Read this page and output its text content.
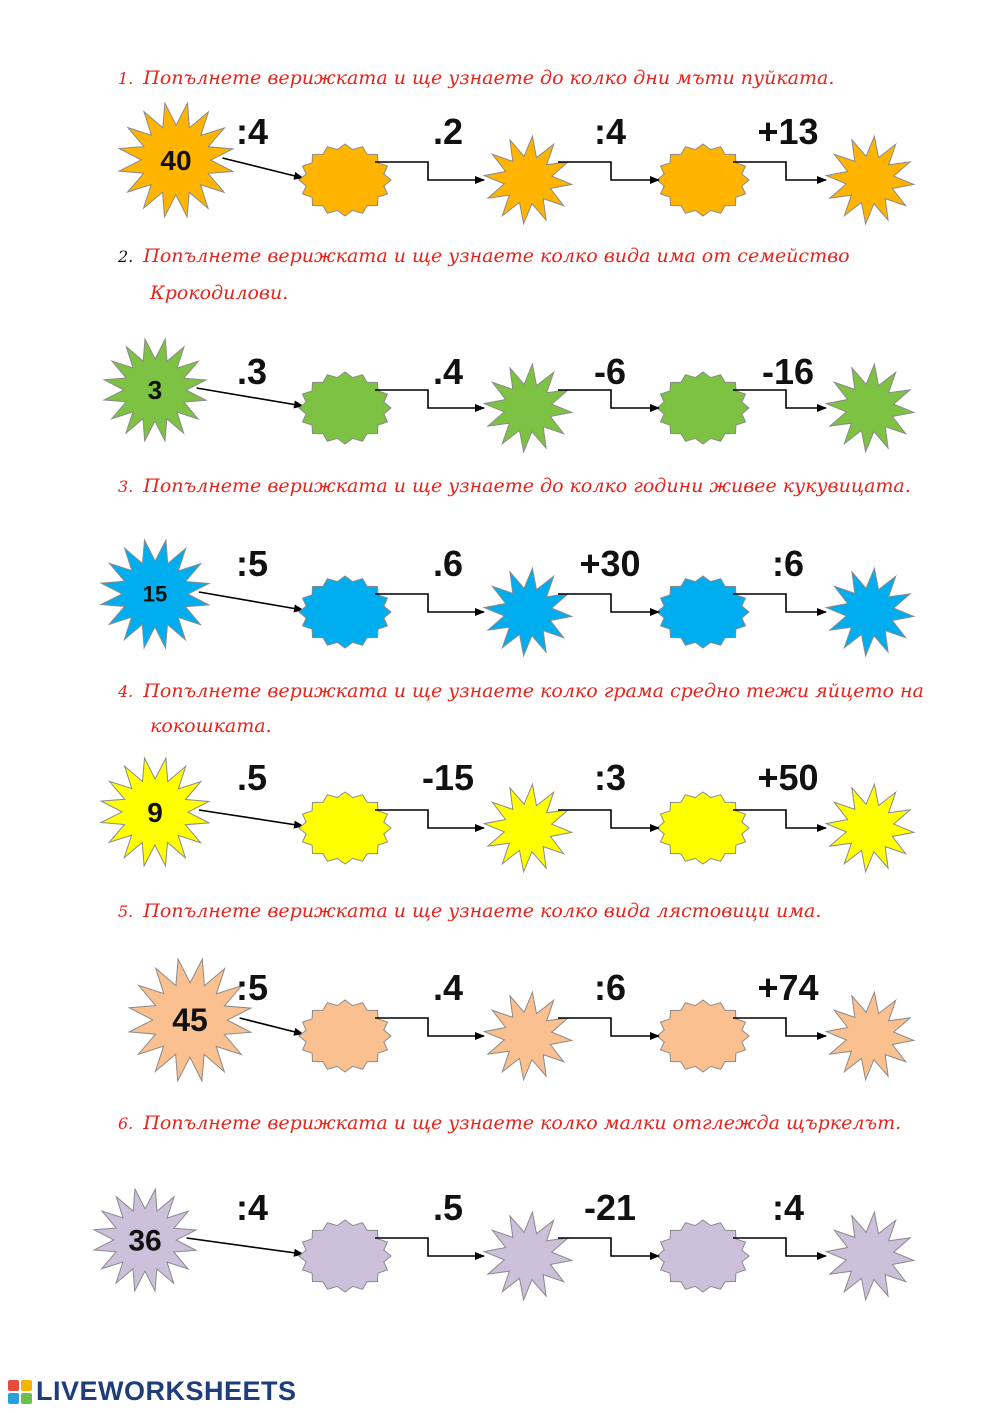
1. Попълнете верижката и ще узнаете до колко дни мъти пуйката.
2. Попълнете верижката и ще узнаете колко вида има от семейство
Крокодилови.
3. Попълнете верижката и ще узнаете до колко години живее кукувицата.
4. Попълнете верижката и ще узнаете колко грама средно тежи яйцето на
кокошката.
5. Попълнете верижката и ще узнаете колко вида лястовици има.
6. Попълнете верижката и ще узнаете колко малки отглежда щъркелът.
40
:4	.2	:4	+13
3 .3	.4	-6	-16
15
:5	.6	+30	:6
9
.5	-15	:3	+50
45
:5	.4	:6	+74
36
:4	.5	-21	:4
LIVEWORKSHEETS
